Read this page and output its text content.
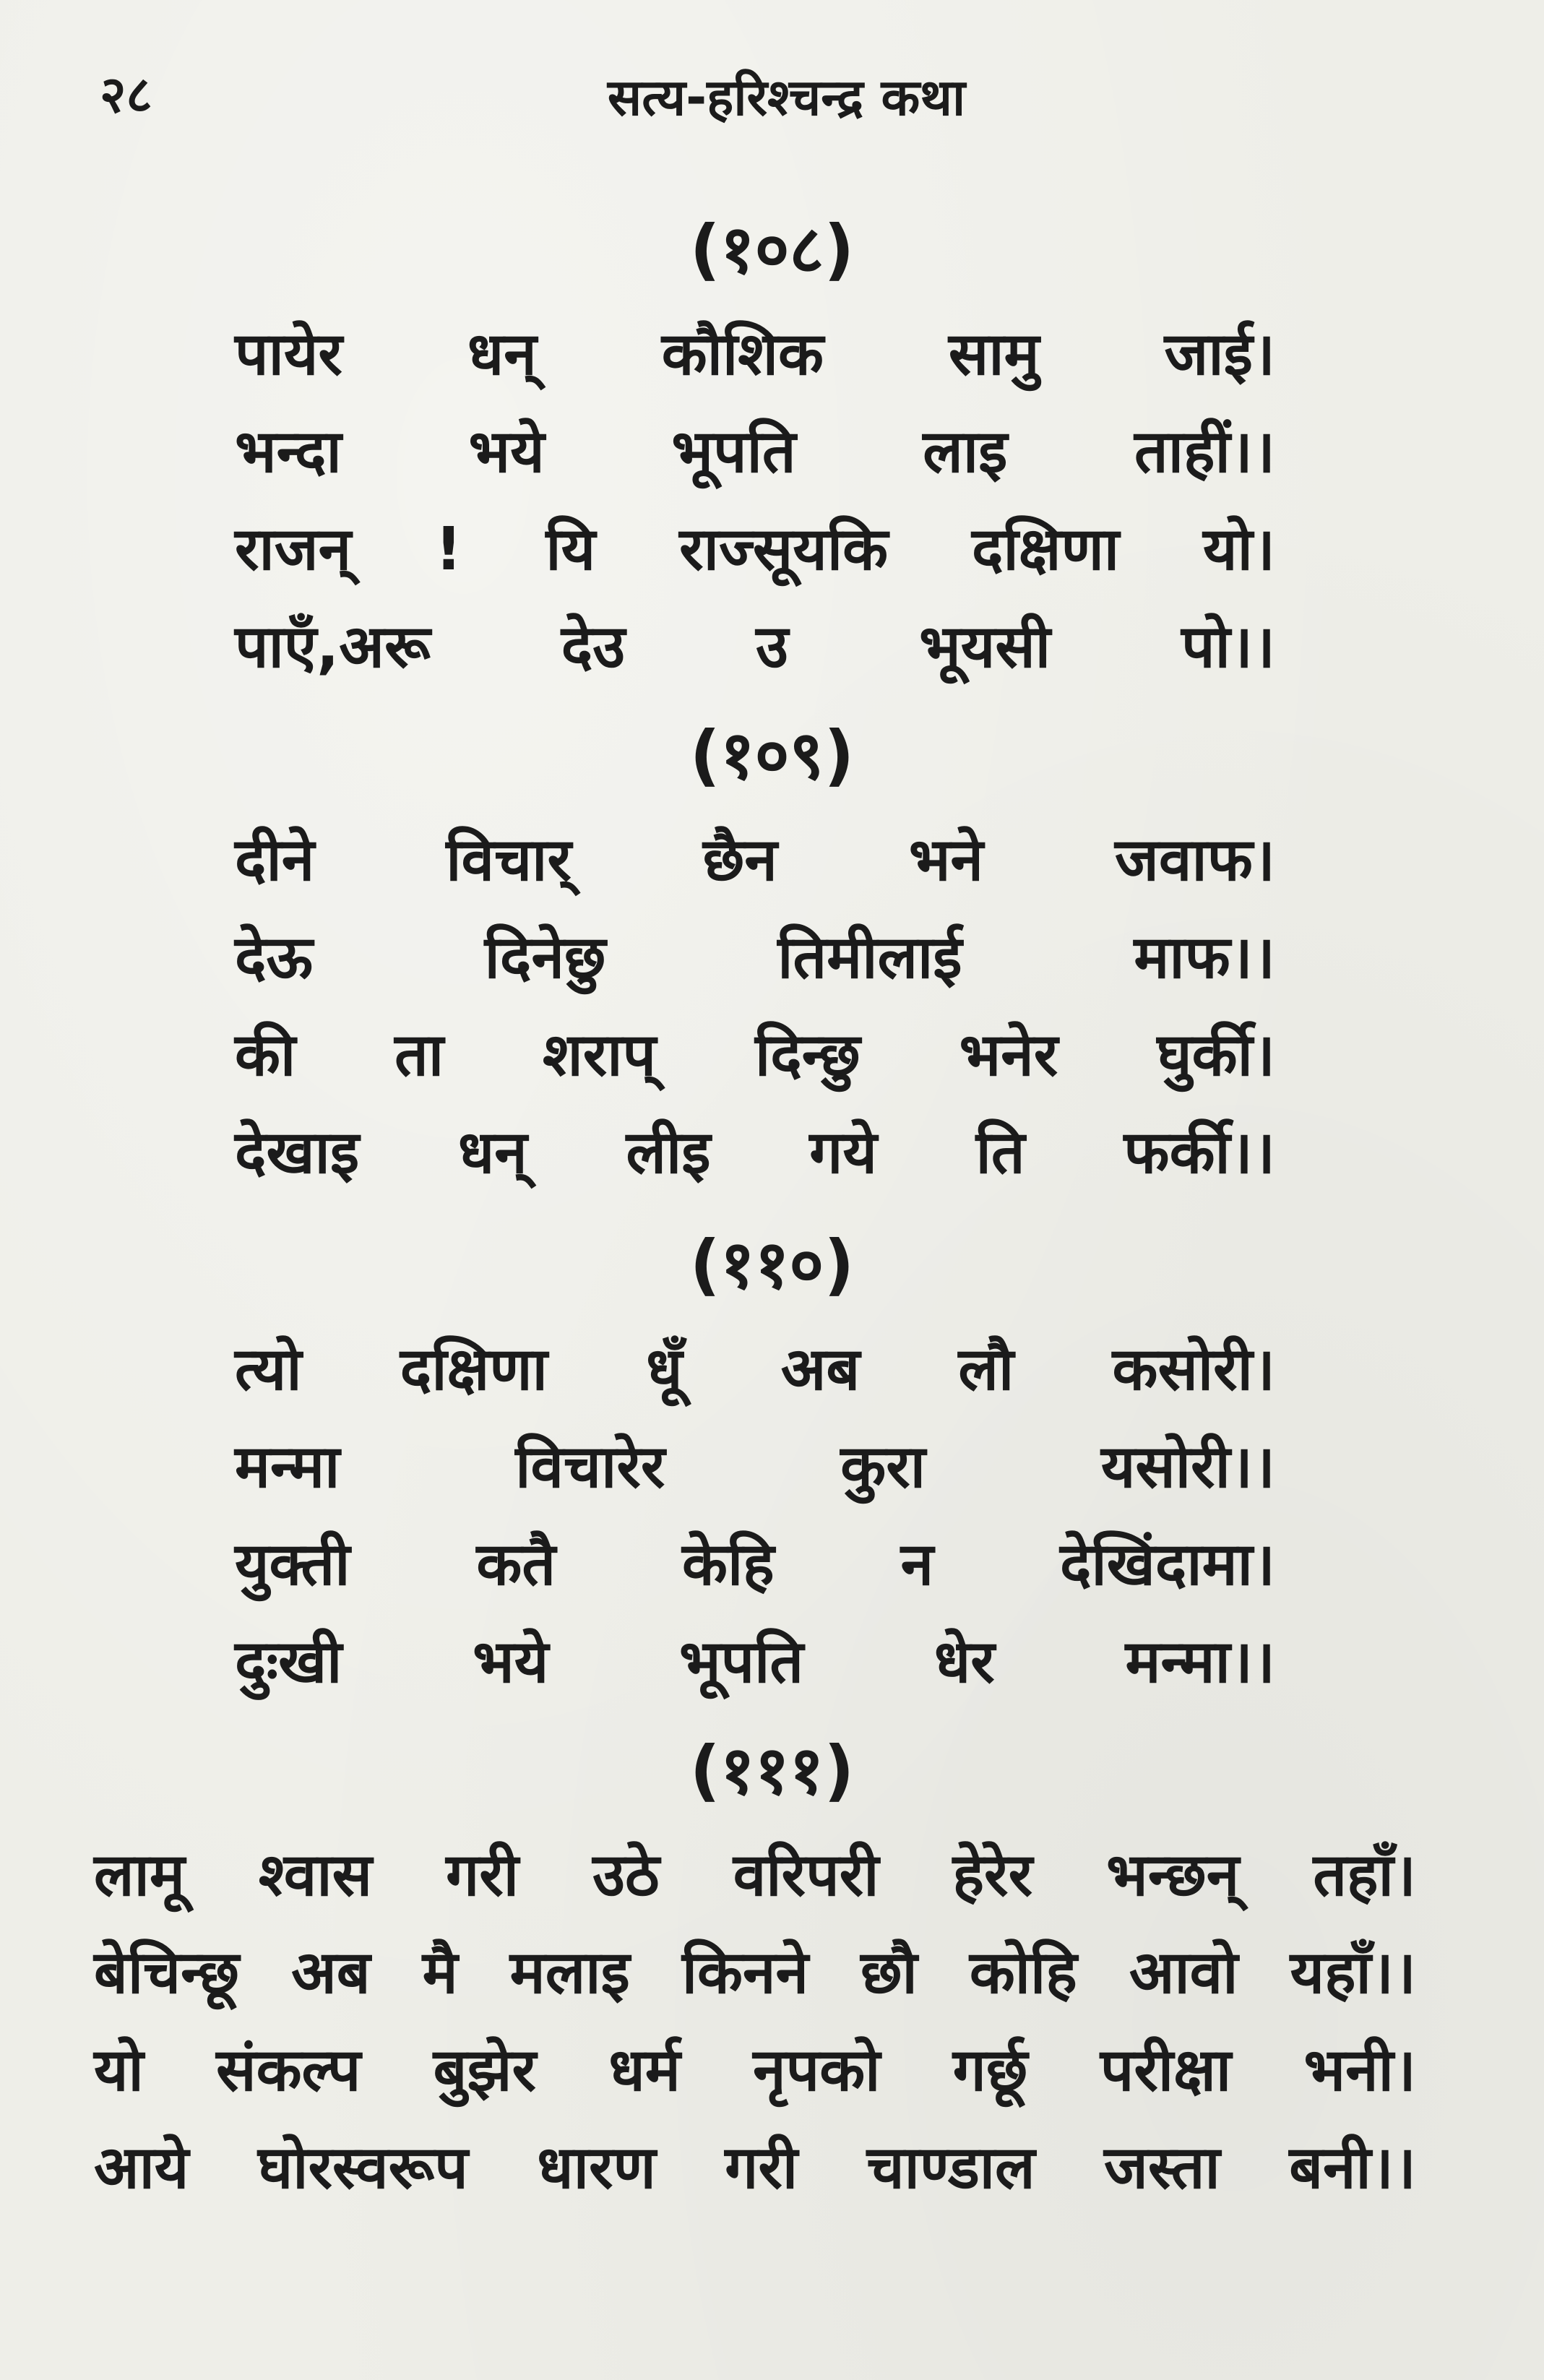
२८	सत्य-हरिश्चन्द्र कथा
(१०८)
पायेर धन् कौशिक सामु जाई।
भन्दा भये भूपति लाइ ताहीं।।
राजन् ! यि राज्सूयकि दक्षिणा यो।
पाएँ,अरू देउ उ भूयसी पो।।
(१०९)
दीने विचार् छैन भने जवाफ।
देऊ	दिनेछु	तिमीलाई	माफ।।
की ता शराप् दिन्छु भनेर घुर्की।
देखाइ धन् लीइ गये ति फर्की।।
(११०)
त्यो दक्षिणा धूँ अब लौ कसोरी।
मन्मा	विचारेर	कुरा	यसोरी।।
युक्ती कतै केहि न देखिंदामा।
दुःखी भये भूपति धेर मन्मा।।
(१११)
लामू श्वास गरी उठे वरिपरी हेरेर भन्छन् तहाँ।
बेचिन्छू अब मै मलाइ किनने छौ कोहि आवो यहाँ।।
यो संकल्प बुझेर धर्म नृपको गर्छू परीक्षा भनी।
आये घोरस्वरूप धारण गरी चाण्डाल जस्ता बनी।।
